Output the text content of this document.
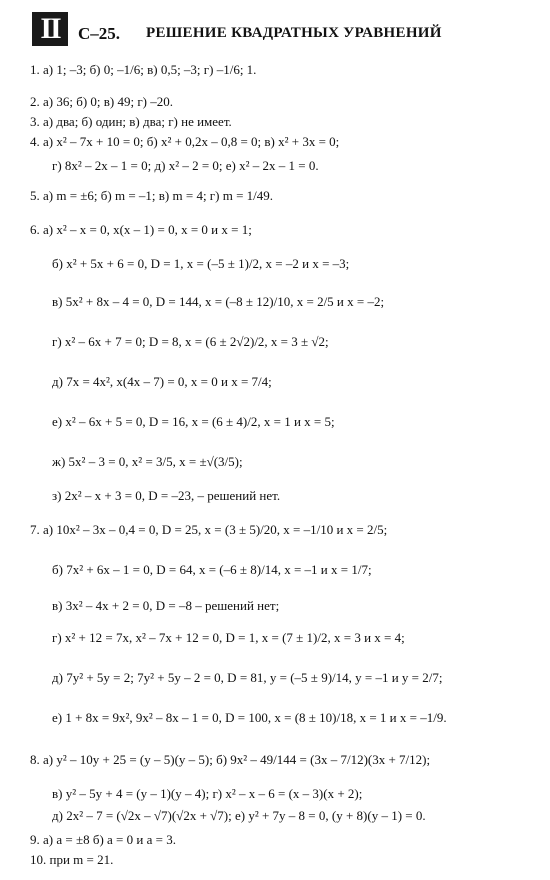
II	С–25. РЕШЕНИЕ КВАДРАТНЫХ УРАВНЕНИЙ
1. а) 1; –3; б) 0; –1/6; в) 0,5; –3; г) –1/6; 1.
2. а) 36; б) 0; в) 49; г) –20.
3. а) два; б) один; в) два; г) не имеет.
4. а) x² – 7x + 10 = 0; б) x² + 0,2x – 0,8 = 0; в) x² + 3x = 0;
г) 8x² – 2x – 1 = 0; д) x² – 2 = 0; е) x² – 2x – 1 = 0.
5. а) m = ±6; б) m = –1; в) m = 4; г) m = 1/49.
6. а) x² – x = 0, x(x – 1) = 0, x = 0 и x = 1;
б) x² + 5x + 6 = 0, D = 1, x = (–5 ± 1)/2, x = –2 и x = –3;
в) 5x² + 8x – 4 = 0, D = 144, x = (–8 ± 12)/10, x = 2/5 и x = –2;
г) x² – 6x + 7 = 0; D = 8, x = (6 ± 2√2)/2, x = 3 ± √2;
д) 7x = 4x², x(4x – 7) = 0, x = 0 и x = 7/4;
е) x² – 6x + 5 = 0, D = 16, x = (6 ± 4)/2, x = 1 и x = 5;
ж) 5x² – 3 = 0, x² = 3/5, x = ±√(3/5);
з) 2x² – x + 3 = 0, D = –23, – решений нет.
7. а) 10x² – 3x – 0,4 = 0, D = 25, x = (3 ± 5)/20, x = –1/10 и x = 2/5;
б) 7x² + 6x – 1 = 0, D = 64, x = (–6 ± 8)/14, x = –1 и x = 1/7;
в) 3x² – 4x + 2 = 0, D = –8 – решений нет;
г) x² + 12 = 7x, x² – 7x + 12 = 0, D = 1, x = (7 ± 1)/2, x = 3 и x = 4;
д) 7y² + 5y = 2; 7y² + 5y – 2 = 0, D = 81, y = (–5 ± 9)/14, y = –1 и y = 2/7;
е) 1 + 8x = 9x², 9x² – 8x – 1 = 0, D = 100, x = (8 ± 10)/18, x = 1 и x = –1/9.
8. а) y² – 10y + 25 = (y – 5)(y – 5); б) 9x² – 49/144 = (3x – 7/12)(3x + 7/12);
в) y² – 5y + 4 = (y – 1)(y – 4); г) x² – x – 6 = (x – 3)(x + 2);
д) 2x² – 7 = (√2x – √7)(√2x + √7); е) y² + 7y – 8 = 0, (y + 8)(y – 1) = 0.
9. а) a = ±8 б) a = 0 и a = 3.
10. при m = 21.
